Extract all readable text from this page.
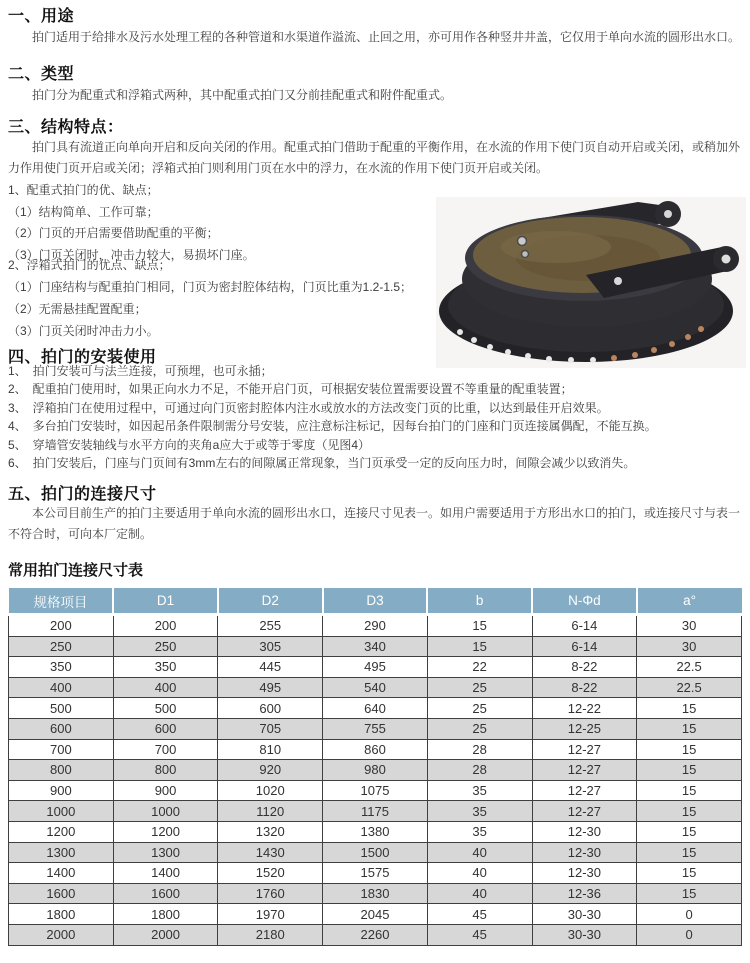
一、用途

拍门适用于给排水及污水处理工程的各种管道和水渠道作溢流、止回之用，亦可用作各种竖井井盖，它仅用于单向水流的圆形出水口。

二、类型

拍门分为配重式和浮箱式两种，其中配重式拍门又分前挂配重式和附件配重式。

三、结构特点：

拍门具有流道正向单向开启和反向关闭的作用。配重式拍门借助于配重的平衡作用，在水流的作用下使门页自动开启或关闭，或稍加外力作用使门页开启或关闭；浮箱式拍门则利用门页在水中的浮力，在水流的作用下使门页开启或关闭。

1、配重式拍门的优、缺点；
（1）结构简单、工作可靠；
（2）门页的开启需要借助配重的平衡；
（3）门页关闭时，冲击力较大，易损坏门座。
2、浮箱式拍门的优点、缺点；
（1）门座结构与配重拍门相同，门页为密封腔体结构，门页比重为1.2-1.5；
（2）无需悬挂配置配重；
（3）门页关闭时冲击力小。
四、拍门的安装使用
1、　拍门安装可与法兰连接，可预埋，也可永插；
2、　配重拍门使用时，如果正向水力不足，不能开启门页，可根据安装位置需要设置不等重量的配重装置；
3、　浮箱拍门在使用过程中，可通过向门页密封腔体内注水或放水的方法改变门页的比重，以达到最佳开启效果。
4、　多台拍门安装时，如因起吊条件限制需分号安装，应注意标注标记，因每台拍门的门座和门页连接属偶配，不能互换。
5、　穿墙管安装轴线与水平方向的夹角a应大于或等于零度（见图4）
6、　拍门安装后，门座与门页间有3mm左右的间隙属正常现象，当门页承受一定的反向压力时，间隙会减少以致消失。
五、拍门的连接尺寸

本公司目前生产的拍门主要适用于单向水流的圆形出水口，连接尺寸见表一。如用户需要适用于方形出水口的拍门，或连接尺寸与表一不符合时，可向本厂定制。

常用拍门连接尺寸表
规格项目	D1	D2	D3	b	N-Φd	a°
200	200	255	290	15	6-14	30
250	250	305	340	15	6-14	30
350	350	445	495	22	8-22	22.5
400	400	495	540	25	8-22	22.5
500	500	600	640	25	12-22	15
600	600	705	755	25	12-25	15
700	700	810	860	28	12-27	15
800	800	920	980	28	12-27	15
900	900	1020	1075	35	12-27	15
1000	1000	1120	1175	35	12-27	15
1200	1200	1320	1380	35	12-30	15
1300	1300	1430	1500	40	12-30	15
1400	1400	1520	1575	40	12-30	15
1600	1600	1760	1830	40	12-36	15
1800	1800	1970	2045	45	30-30	0
2000	2000	2180	2260	45	30-30	0
